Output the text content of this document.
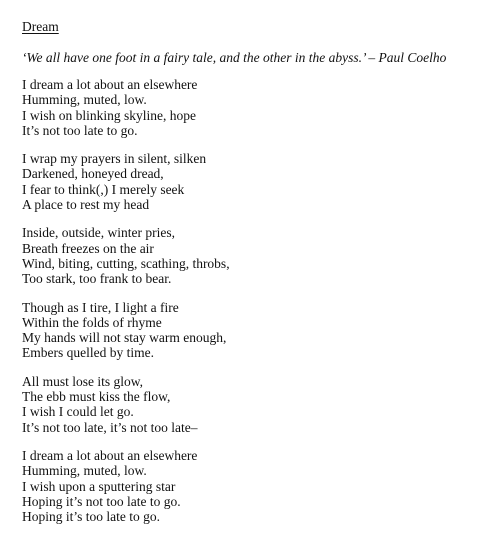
Dream
‘We all have one foot in a fairy tale, and the other in the abyss.’ – Paul Coelho
I dream a lot about an elsewhere
Humming, muted, low.
I wish on blinking skyline, hope
It’s not too late to go.
I wrap my prayers in silent, silken
Darkened, honeyed dread,
I fear to think(,) I merely seek
A place to rest my head
Inside, outside, winter pries,
Breath freezes on the air
Wind, biting, cutting, scathing, throbs,
Too stark, too frank to bear.
Though as I tire, I light a fire
Within the folds of rhyme
My hands will not stay warm enough,
Embers quelled by time.
All must lose its glow,
The ebb must kiss the flow,
I wish I could let go.
It’s not too late, it’s not too late–
I dream a lot about an elsewhere
Humming, muted, low.
I wish upon a sputtering star
Hoping it’s not too late to go.
Hoping it’s too late to go.
